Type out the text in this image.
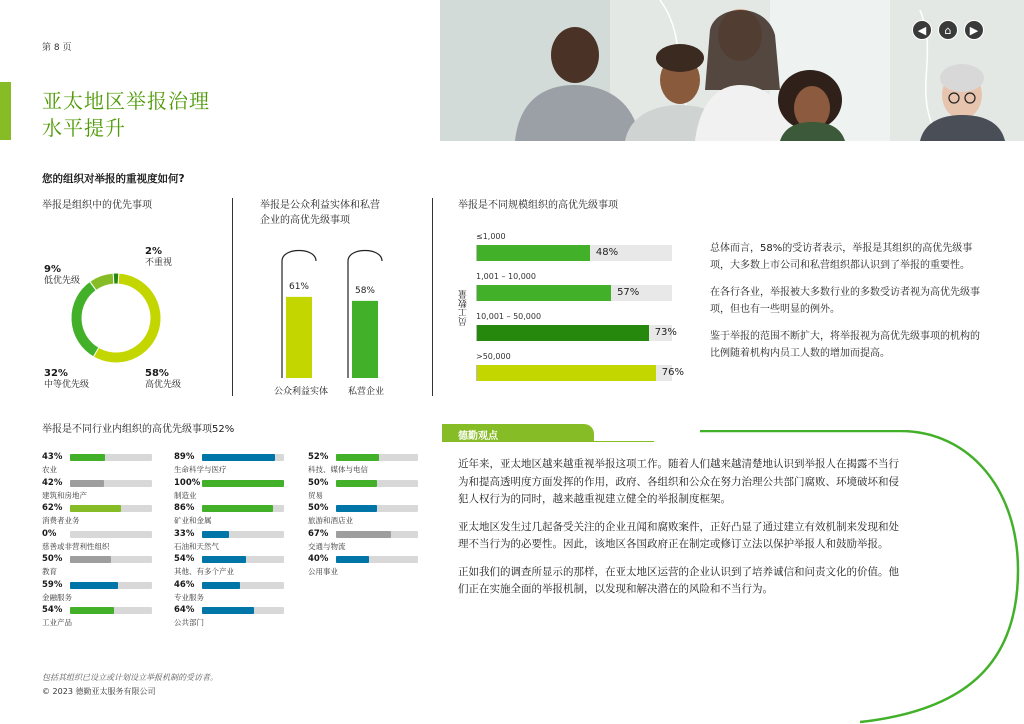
第 8 页
亚太地区举报治理
水平提升
◀	⌂	▶
您的组织对举报的重视度如何?
举报是组织中的优先事项
2%
不重视
9%
低优先级
32%
中等优先级
58%
高优先级
举报是公众利益实体和私营
企业的高优先级事项
61%	58%
公众利益实体	私营企业
举报是不同规模组织的高优先级事项
员工数量
≤1,000
48%
1,001 – 10,000
57%
10,001 – 50,000
73%
>50,000
76%

总体而言，58%的受访者表示，举报是其组织的高优先级事项，大多数上市公司和私营组织都认识到了举报的重要性。

在各行各业，举报被大多数行业的多数受访者视为高优先级事项，但也有一些明显的例外。

鉴于举报的范围不断扩大，将举报视为高优先级事项的机构的比例随着机构内员工人数的增加而提高。

举报是不同行业内组织的高优先级事项52%
43%
农业
42%
建筑和房地产
62%
消费者业务
0%
慈善或非营利性组织
50%
教育
59%
金融服务
54%
工业产品
89%
生命科学与医疗
100%
制造业
86%
矿业和金属
33%
石油和天然气
54%
其他、有多个产业
46%
专业服务
64%
公共部门
52%
科技、媒体与电信
50%
贸易
50%
旅游和酒店业
67%
交通与物流
40%
公用事业
德勤观点

近年来，亚太地区越来越重视举报这项工作。随着人们越来越清楚地认识到举报人在揭露不当行为和提高透明度方面发挥的作用，政府、各组织和公众在努力治理公共部门腐败、环境破坏和侵犯人权行为的同时，越来越重视建立健全的举报制度框架。

亚太地区发生过几起备受关注的企业丑闻和腐败案件，正好凸显了通过建立有效机制来发现和处理不当行为的必要性。因此，该地区各国政府正在制定或修订立法以保护举报人和鼓励举报。

正如我们的调查所显示的那样，在亚太地区运营的企业认识到了培养诚信和问责文化的价值。他们正在实施全面的举报机制，以发现和解决潜在的风险和不当行为。

包括其组织已设立或计划设立举报机制的受访者。
© 2023 德勤亚太服务有限公司
